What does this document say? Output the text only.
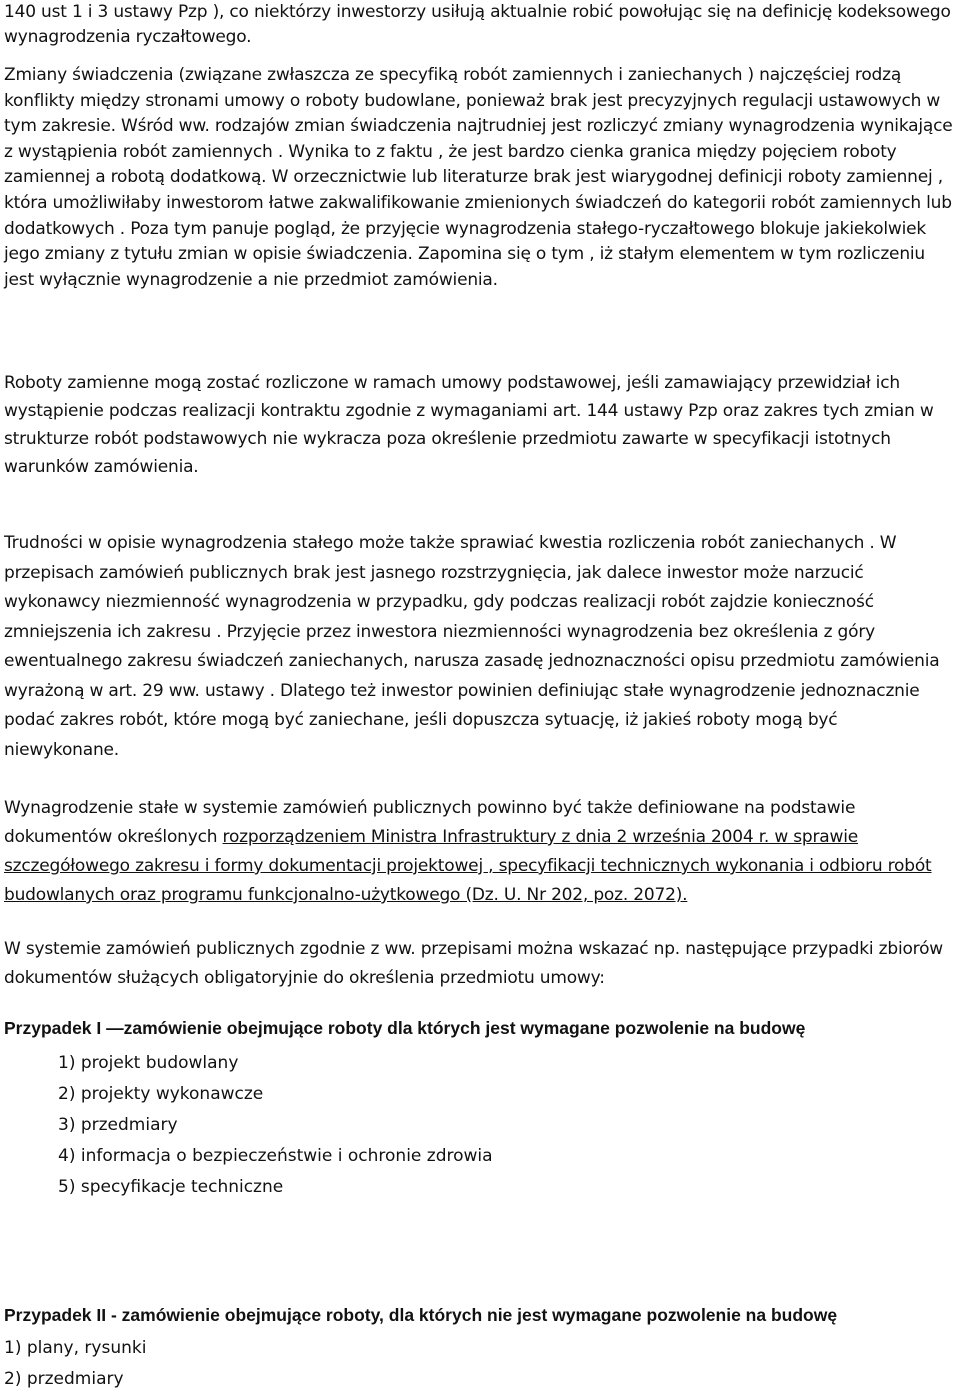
140 ust 1 i 3 ustawy Pzp ), co niektórzy inwestorzy usiłują aktualnie robić powołując się na definicję kodeksowego wynagrodzenia ryczałtowego.

Zmiany świadczenia (związane zwłaszcza ze specyfiką robót zamiennych i zaniechanych ) najczęściej rodzą konflikty między stronami umowy o roboty budowlane, ponieważ brak jest precyzyjnych regulacji ustawowych w tym zakresie. Wśród ww. rodzajów zmian świadczenia najtrudniej jest rozliczyć zmiany wynagrodzenia wynikające z wystąpienia robót zamiennych . Wynika to z faktu , że jest bardzo cienka granica między pojęciem roboty zamiennej a robotą dodatkową. W orzecznictwie lub literaturze brak jest wiarygodnej definicji roboty zamiennej , która umożliwiłaby inwestorom łatwe zakwalifikowanie zmienionych świadczeń do kategorii robót zamiennych lub dodatkowych . Poza tym panuje pogląd, że przyjęcie wynagrodzenia stałego-ryczałtowego blokuje jakiekolwiek jego zmiany z tytułu zmian w opisie świadczenia. Zapomina się o tym , iż stałym elementem w tym rozliczeniu jest wyłącznie wynagrodzenie a nie przedmiot zamówienia.

Roboty zamienne mogą zostać rozliczone w ramach umowy podstawowej, jeśli zamawiający przewidział ich wystąpienie podczas realizacji kontraktu zgodnie z wymaganiami art. 144 ustawy Pzp oraz zakres tych zmian w strukturze robót podstawowych nie wykracza poza określenie przedmiotu zawarte w specyfikacji istotnych warunków zamówienia.

Trudności w opisie wynagrodzenia stałego może także sprawiać kwestia rozliczenia robót zaniechanych . W przepisach zamówień publicznych brak jest jasnego rozstrzygnięcia, jak dalece inwestor może narzucić wykonawcy niezmienność wynagrodzenia w przypadku, gdy podczas realizacji robót zajdzie konieczność zmniejszenia ich zakresu . Przyjęcie przez inwestora niezmienności wynagrodzenia bez określenia z góry ewentualnego zakresu świadczeń zaniechanych, narusza zasadę jednoznaczności opisu przedmiotu zamówienia wyrażoną w art. 29 ww. ustawy . Dlatego też inwestor powinien definiując stałe wynagrodzenie jednoznacznie podać zakres robót, które mogą być zaniechane, jeśli dopuszcza sytuację, iż jakieś roboty mogą być niewykonane.

Wynagrodzenie stałe w systemie zamówień publicznych powinno być także definiowane na podstawie dokumentów określonych rozporządzeniem Ministra Infrastruktury z dnia 2 września 2004 r. w sprawie szczegółowego zakresu i formy dokumentacji projektowej , specyfikacji technicznych wykonania i odbioru robót budowlanych oraz programu funkcjonalno-użytkowego (Dz. U. Nr 202, poz. 2072).

W systemie zamówień publicznych zgodnie z ww. przepisami można wskazać np. następujące przypadki zbiorów dokumentów służących obligatoryjnie do określenia przedmiotu umowy:

Przypadek I —zamówienie obejmujące roboty dla których jest wymagane pozwolenie na budowę

1) projekt budowlany
2) projekty wykonawcze
3) przedmiary
4) informacja o bezpieczeństwie i ochronie zdrowia
5) specyfikacje techniczne

Przypadek II - zamówienie obejmujące roboty, dla których nie jest wymagane pozwolenie na budowę

1) plany, rysunki
2) przedmiary
